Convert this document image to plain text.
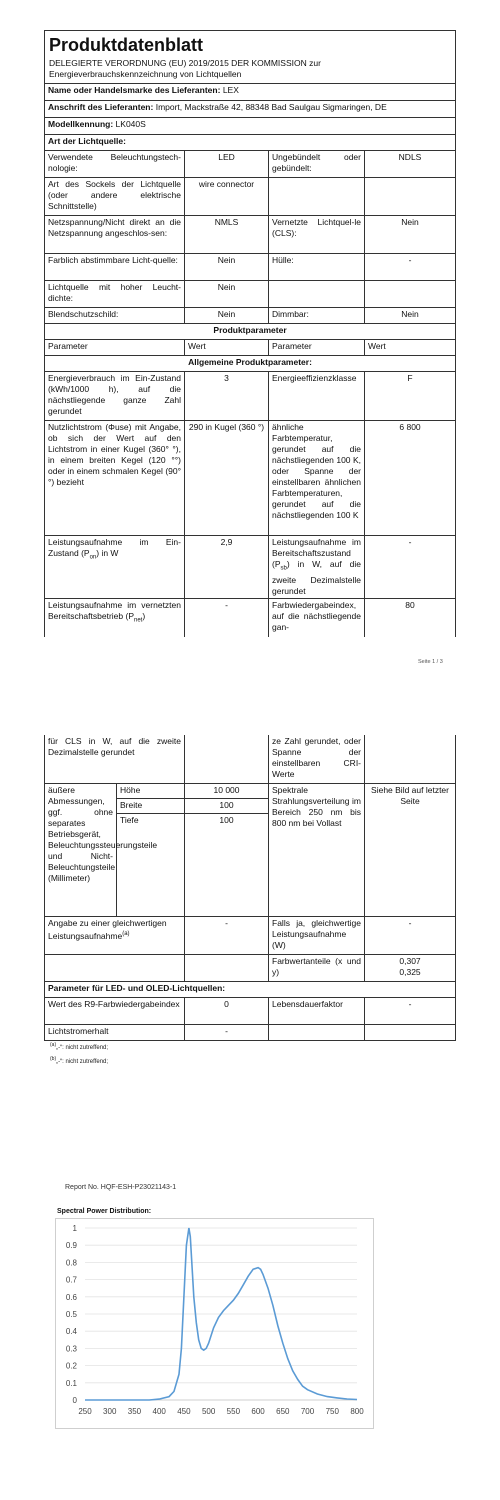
Produktdatenblatt
DELEGIERTE VERORDNUNG (EU) 2019/2015 DER KOMMISSION zur Energieverbrauchskennzeichnung von Lichtquellen			

Name oder Handelsmarke des Lieferanten: LEX			
Anschrift des Lieferanten: Import, Mackstraße 42, 88348 Bad Saulgau Sigmaringen, DE			
Modellkennung: LK040S			
Art der Lichtquelle:			
Verwendete Beleuchtungstech-nologie:	LED	Ungebündelt oder gebündelt:	NDLS
Art des Sockels der Lichtquelle (oder andere elektrische Schnittstelle)	wire connector		
Netzspannung/Nicht direkt an die Netzspannung angeschlos-sen:	NMLS	Vernetzte Lichtquel-le (CLS):	Nein
Farblich abstimmbare Licht-quelle:	Nein	Hülle:	-
Lichtquelle mit hoher Leucht-dichte:	Nein		
Blendschutzschild:	Nein	Dimmbar:	Nein
Produktparameter			
Parameter	Wert	Parameter	Wert
Allgemeine Produktparameter:			
Energieverbrauch im Ein-Zustand (kWh/1000 h), auf die nächstliegende ganze Zahl gerundet	3	Energieeffizienzklasse	F
Nutzlichtstrom (Φuse) mit Angabe, ob sich der Wert auf den Lichtstrom in einer Kugel (360° °), in einem breiten Kegel (120 °°) oder in einem schmalen Kegel (90° °) bezieht	290 in Kugel (360 °)	ähnliche Farbtemperatur, gerundet auf die nächstliegenden 100 K, oder Spanne der einstellbaren ähnlichen Farbtemperaturen, gerundet auf die nächstliegenden 100 K	6 800
Leistungsaufnahme im Ein-Zustand $(P_{on})$ in W	2,9	Leistungsaufnahme im Bereitschaftszustand $(P_{sb})$ in W, auf die zweite Dezimalstelle gerundet	-
Leistungsaufnahme im vernetzten Bereitschaftsbetrieb $(P_{net})$	-	Farbwiedergabeindex, auf die nächstliegende gan-	80
Seite 1 / 3
für CLS in W, auf die zweite Dezimalstelle gerundet			ze Zahl gerundet, oder Spanne der einstellbaren CRI-Werte	
äußere Abmessungen, ggf. ohne separates Betriebsgerät, Beleuchtungssteuerungsteile und Nicht-Beleuchtungsteile (Millimeter)	Höhe	10 000	Spektrale Strahlungsverteilung im Bereich 250 nm bis 800 nm bei Vollast	Siehe Bild auf letzter Seite
	Breite	100		
	Tiefe	100		
Angabe zu einer gleichwertigen Leistungsaufnahme$^{(a)}$		-	Falls ja, gleichwertige Leistungsaufnahme (W)	-
			Farbwertanteile (x und y)	0,307
0,325

Parameter für LED- und OLED-Lichtquellen:				
Wert des R9-Farbwiedergabeindex		0	Lebensdauerfaktor	-
Lichtstromerhalt		-		
$^{(a)}$„-“: nicht zutreffend;
$^{(b)}$„-“: nicht zutreffend;
Report No. HQF-ESH-P23021143-1
Spectral Power Distribution:
0
0.1
0.2
0.3
0.4
0.5
0.6
0.7
0.8
0.9
1
250 300 350 400 450 500 550 600 650 700 750 800
